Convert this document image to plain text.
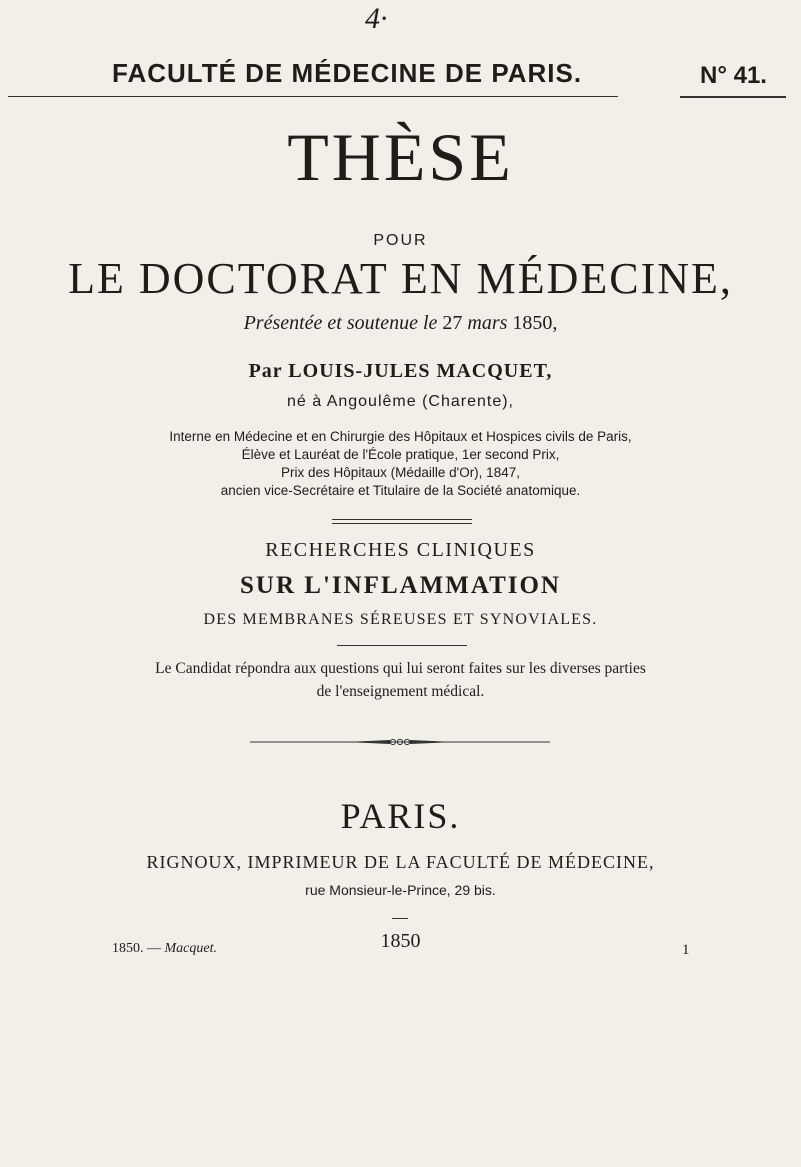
4·
FACULTÉ DE MÉDECINE DE PARIS.	N° 41.
THÈSE
POUR
LE DOCTORAT EN MÉDECINE,
Présentée et soutenue le 27 mars 1850,
Par LOUIS-JULES MACQUET,
né à Angoulême (Charente),
Interne en Médecine et en Chirurgie des Hôpitaux et Hospices civils de Paris,
Élève et Lauréat de l'École pratique, 1er second Prix,
Prix des Hôpitaux (Médaille d'Or), 1847,
ancien vice-Secrétaire et Titulaire de la Société anatomique.
RECHERCHES CLINIQUES
SUR L'INFLAMMATION
DES MEMBRANES SÉREUSES ET SYNOVIALES.
Le Candidat répondra aux questions qui lui seront faites sur les diverses parties
de l'enseignement médical.
PARIS.
RIGNOUX, IMPRIMEUR DE LA FACULTÉ DE MÉDECINE,
rue Monsieur-le-Prince, 29 bis.
1850
1850. — Macquet.	1
